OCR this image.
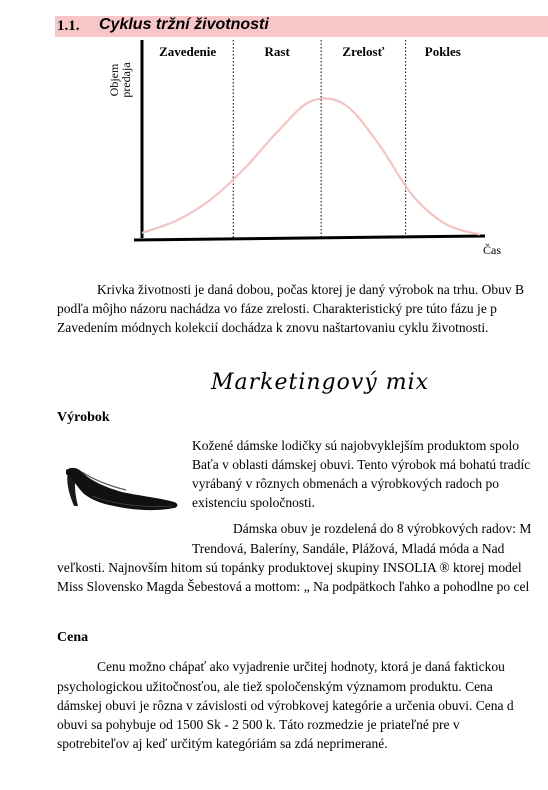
1.1. Cyklus tržní životnosti
Zavedenie	Rast	Zrelosť	Pokles
Objem
predaja
Čas
Krivka životnosti je daná dobou, počas ktorej je daný výrobok na trhu. Obuv B
podľa môjho názoru nachádza vo fáze zrelosti. Charakteristický pre túto fázu je p
Zavedením módnych kolekcií dochádza k znovu naštartovaniu cyklu životnosti.
Marketingový mix
Výrobok
Kožené dámske lodičky sú najobvyklejším produktom spolo
Baťa v oblasti dámskej obuvi. Tento výrobok má bohatú tradíc
vyrábaný v rôznych obmenách a výrobkových radoch po
existenciu spoločnosti.
Dámska obuv je rozdelená do 8 výrobkových radov: M
Trendová, Baleríny, Sandále, Plážová, Mladá móda a Nad
veľkosti. Najnovším hitom sú topánky produktovej skupiny INSOLIA ® ktorej model
Miss Slovensko Magda Šebestová a mottom: „ Na podpätkoch ľahko a pohodlne po cel
Cena
Cenu možno chápať ako vyjadrenie určitej hodnoty, ktorá je daná faktickou
psychologickou užitočnosťou, ale tiež spoločenským významom produktu. Cena
dámskej obuvi je rôzna v závislosti od výrobkovej kategórie a určenia obuvi. Cena d
obuvi sa pohybuje od 1500 Sk - 2 500 k. Táto rozmedzie je priateľné pre v
spotrebiteľov aj keď určitým kategóriám sa zdá neprimerané.
